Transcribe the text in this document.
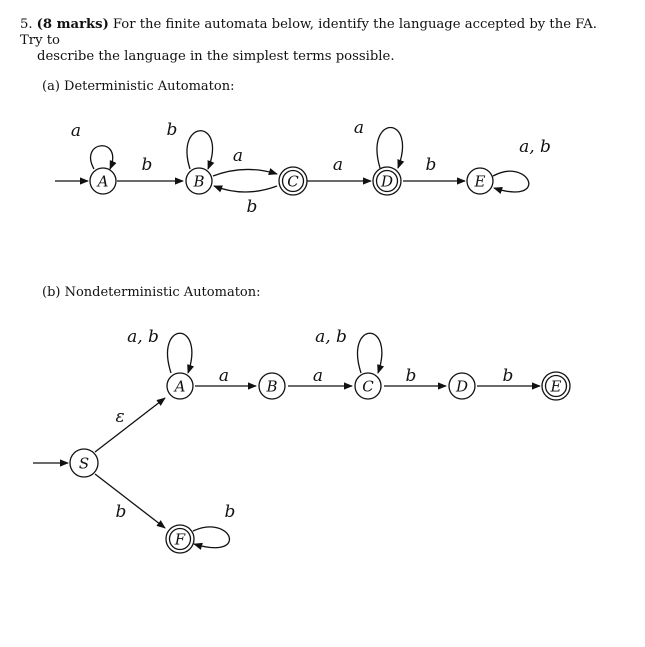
5. (8 marks) For the finite automata below, identify the language accepted by the FA. Try to
describe the language in the simplest terms possible.
(a) Deterministic Automaton:
(b) Nondeterministic Automaton:
A	B	C	D	E
a
b
b
a
b
a
a
b
a, b
S
A	B	C	D	E
F
ε
b
a, b
a	a
a, b
b	b
b
